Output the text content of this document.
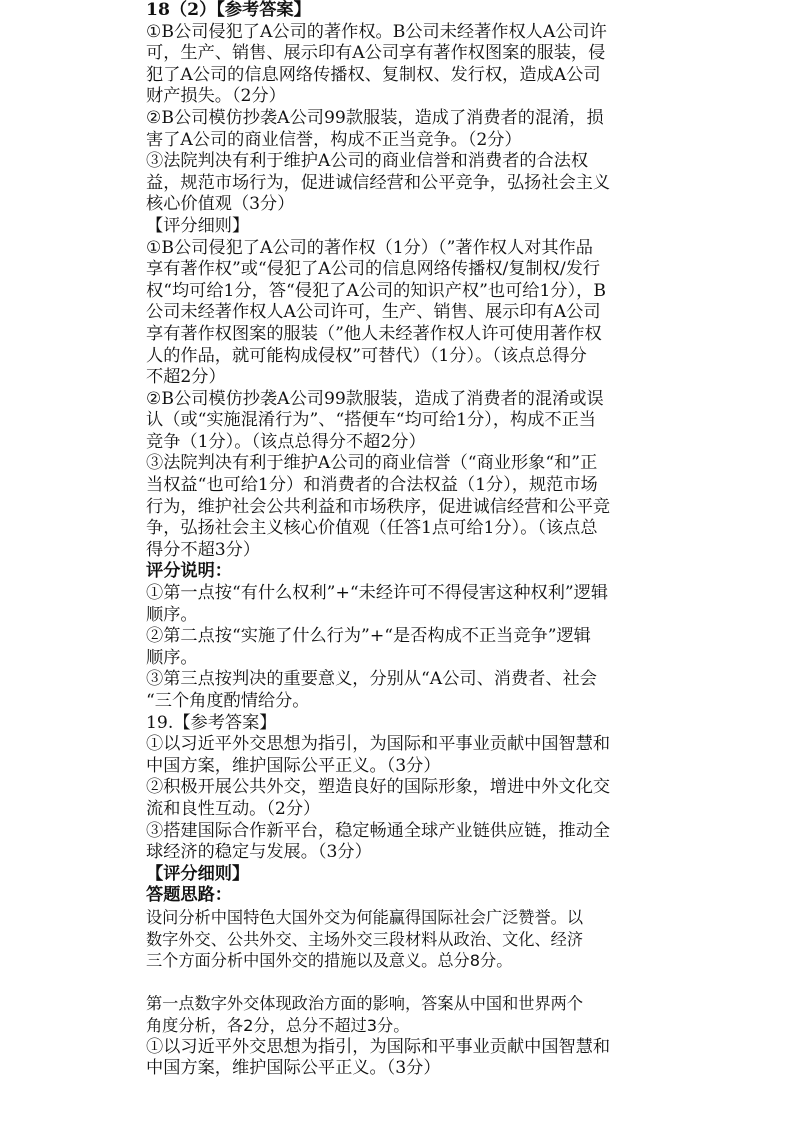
18（2）【参考答案】
①B公司侵犯了A公司的著作权。B公司未经著作权人A公司许
可，生产、销售、展示印有A公司享有著作权图案的服装，侵
犯了A公司的信息网络传播权、复制权、发行权，造成A公司
财产损失。（2分）
②B公司模仿抄袭A公司99款服装，造成了消费者的混淆，损
害了A公司的商业信誉，构成不正当竞争。（2分）
③法院判决有利于维护A公司的商业信誉和消费者的合法权
益，规范市场行为，促进诚信经营和公平竞争，弘扬社会主义
核心价值观（3分）
【评分细则】
①B公司侵犯了A公司的著作权（1分）（”著作权人对其作品
享有著作权”或“侵犯了A公司的信息网络传播权/复制权/发行
权“均可给1分，答“侵犯了A公司的知识产权”也可给1分），B
公司未经著作权人A公司许可，生产、销售、展示印有A公司
享有著作权图案的服装（”他人未经著作权人许可使用著作权
人的作品，就可能构成侵权”可替代）（1分）。（该点总得分
不超2分）
②B公司模仿抄袭A公司99款服装，造成了消费者的混淆或误
认（或“实施混淆行为”、“搭便车“均可给1分），构成不正当
竞争（1分）。（该点总得分不超2分）
③法院判决有利于维护A公司的商业信誉（“商业形象“和”正
当权益“也可给1分）和消费者的合法权益（1分），规范市场
行为，维护社会公共利益和市场秩序，促进诚信经营和公平竞
争，弘扬社会主义核心价值观（任答1点可给1分）。（该点总
得分不超3分）
评分说明：
①第一点按“有什么权利”+“未经许可不得侵害这种权利”逻辑
顺序。
②第二点按“实施了什么行为”+“是否构成不正当竞争”逻辑
顺序。
③第三点按判决的重要意义，分别从“A公司、消费者、社会
“三个角度酌情给分。
19.【参考答案】
①以习近平外交思想为指引，为国际和平事业贡献中国智慧和
中国方案，维护国际公平正义。（3分）
②积极开展公共外交，塑造良好的国际形象，增进中外文化交
流和良性互动。（2分）
③搭建国际合作新平台，稳定畅通全球产业链供应链，推动全
球经济的稳定与发展。（3分）
【评分细则】
答题思路：
设问分析中国特色大国外交为何能赢得国际社会广泛赞誉。以
数字外交、公共外交、主场外交三段材料从政治、文化、经济
三个方面分析中国外交的措施以及意义。总分8分。
第一点数字外交体现政治方面的影响，答案从中国和世界两个
角度分析，各2分，总分不超过3分。
①以习近平外交思想为指引，为国际和平事业贡献中国智慧和
中国方案，维护国际公平正义。（3分）
